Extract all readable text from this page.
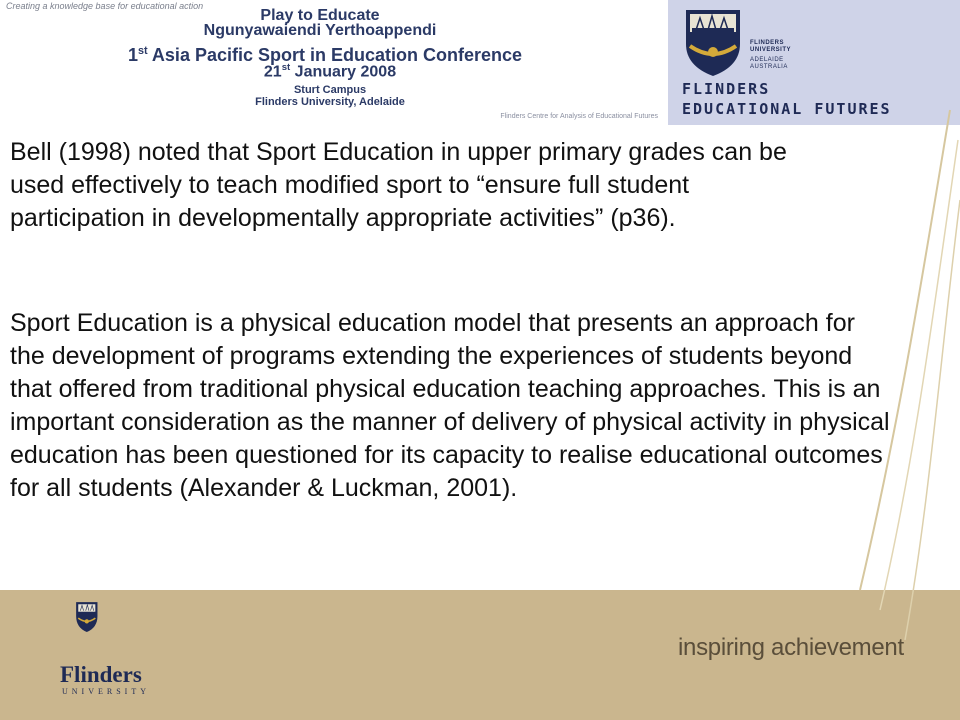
Creating a knowledge base for educational action
Play to Educate
Ngunyawaiendi Yerthoappendi
1st Asia Pacific Sport in Education Conference
21st January 2008
Sturt Campus
Flinders University, Adelaide
Flinders Centre for Analysis of Educational Futures
FLINDERS
UNIVERSITY
ADELAIDE
AUSTRALIA
FLINDERS
EDUCATIONAL FUTURES
Flinders
UNIVERSITY
inspiring achievement

Bell (1998) noted that Sport Education in upper primary grades can be used effectively to teach modified sport to “ensure full student participation in developmentally appropriate activities” (p36).

Sport Education is a physical education model that presents an approach for the development of programs extending the experiences of students beyond that offered from traditional physical education teaching approaches. This is an important consideration as the manner of delivery of physical activity in physical education has been questioned for its capacity to realise educational outcomes for all students (Alexander & Luckman, 2001).
